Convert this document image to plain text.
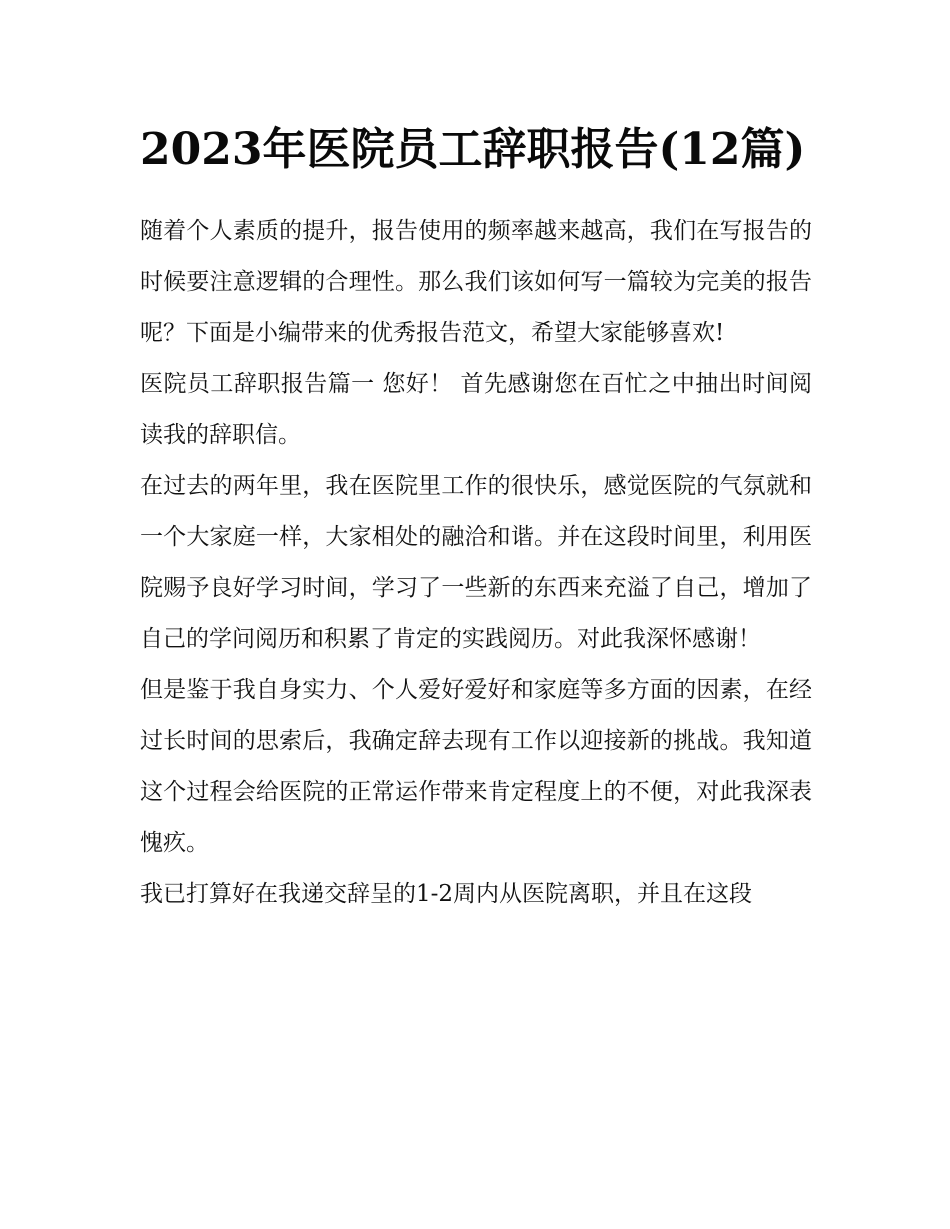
2023年医院员工辞职报告(12篇)

随着个人素质的提升，报告使用的频率越来越高，我们在写报告的时候要注意逻辑的合理性。那么我们该如何写一篇较为完美的报告呢？下面是小编带来的优秀报告范文，希望大家能够喜欢!

医院员工辞职报告篇一 您好！ 首先感谢您在百忙之中抽出时间阅读我的辞职信。

在过去的两年里，我在医院里工作的很快乐，感觉医院的气氛就和一个大家庭一样，大家相处的融洽和谐。并在这段时间里，利用医院赐予良好学习时间，学习了一些新的东西来充溢了自己，增加了自己的学问阅历和积累了肯定的实践阅历。对此我深怀感谢！

但是鉴于我自身实力、个人爱好爱好和家庭等多方面的因素，在经过长时间的思索后，我确定辞去现有工作以迎接新的挑战。我知道这个过程会给医院的正常运作带来肯定程度上的不便，对此我深表愧疚。

我已打算好在我递交辞呈的1-2周内从医院离职，并且在这段
